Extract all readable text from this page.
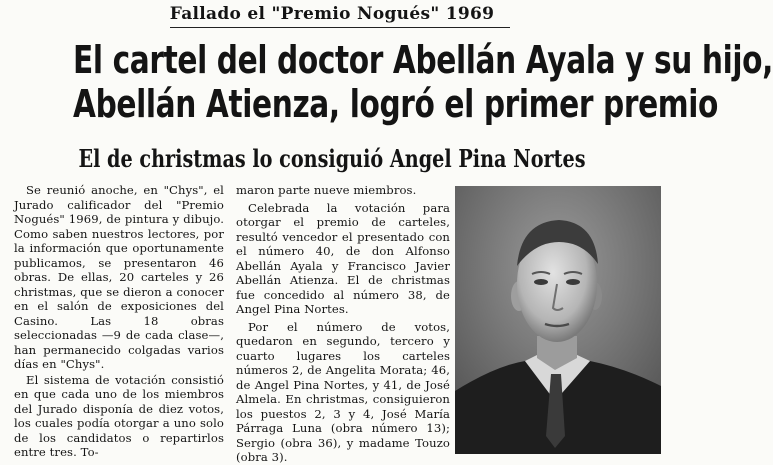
Fallado el "Premio Nogués" 1969
El cartel del doctor Abellán Ayala y su hijo,
Abellán Atienza, logró el primer premio
El de christmas lo consiguió Angel Pina Nortes

Se reunió anoche, en "Chys", el Jurado calificador del "Premio Nogués" 1969, de pintura y dibujo. Como saben nuestros lectores, por la información que oportunamente publicamos, se presentaron 46 obras. De ellas, 20 carteles y 26 christmas, que se dieron a conocer en el salón de exposiciones del Casino. Las 18 obras seleccionadas —9 de cada clase—, han permanecido colgadas varios días en "Chys".

El sistema de votación consistió en que cada uno de los miembros del Jurado disponía de diez votos, los cuales podía otorgar a uno solo de los candidatos o repartirlos entre tres. To-

maron parte nueve miembros.

Celebrada la votación para otorgar el premio de carteles, resultó vencedor el presentado con el número 40, de don Alfonso Abellán Ayala y Francisco Javier Abellán Atienza. El de christmas fue concedido al número 38, de Angel Pina Nortes.

Por el número de votos, quedaron en segundo, tercero y cuarto lugares los carteles números 2, de Angelita Morata; 46, de Angel Pina Nortes, y 41, de José Almela. En christmas, consiguieron los puestos 2, 3 y 4, José María Párraga Luna (obra número 13); Sergio (obra 36), y madame Touzo (obra 3).
